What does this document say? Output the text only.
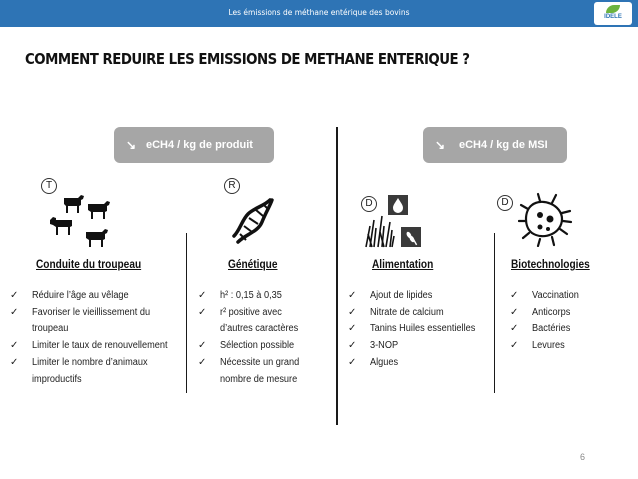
Les émissions de méthane entérique des bovins	IDELE
COMMENT REDUIRE LES EMISSIONS DE METHANE ENTERIQUE ?
↘ eCH4 / kg de produit	↘ eCH4 / kg de MSI
T	R
D	D
Conduite du troupeau	Génétique	Alimentation	Biotechnologies
✓ Réduire l’âge au vêlage
✓ Favoriser le vieillissement du
troupeau
✓ Limiter le taux de renouvellement
✓ Limiter le nombre d’animaux
improductifs
✓ h² : 0,15 à 0,35
✓ r² positive avec
d’autres caractères
✓ Sélection possible
✓ Nécessite un grand
nombre de mesure
✓ Ajout de lipides
✓ Nitrate de calcium
✓ Tanins Huiles essentielles
✓ 3-NOP
✓ Algues
✓ Vaccination
✓ Anticorps
✓ Bactéries
✓ Levures
6
